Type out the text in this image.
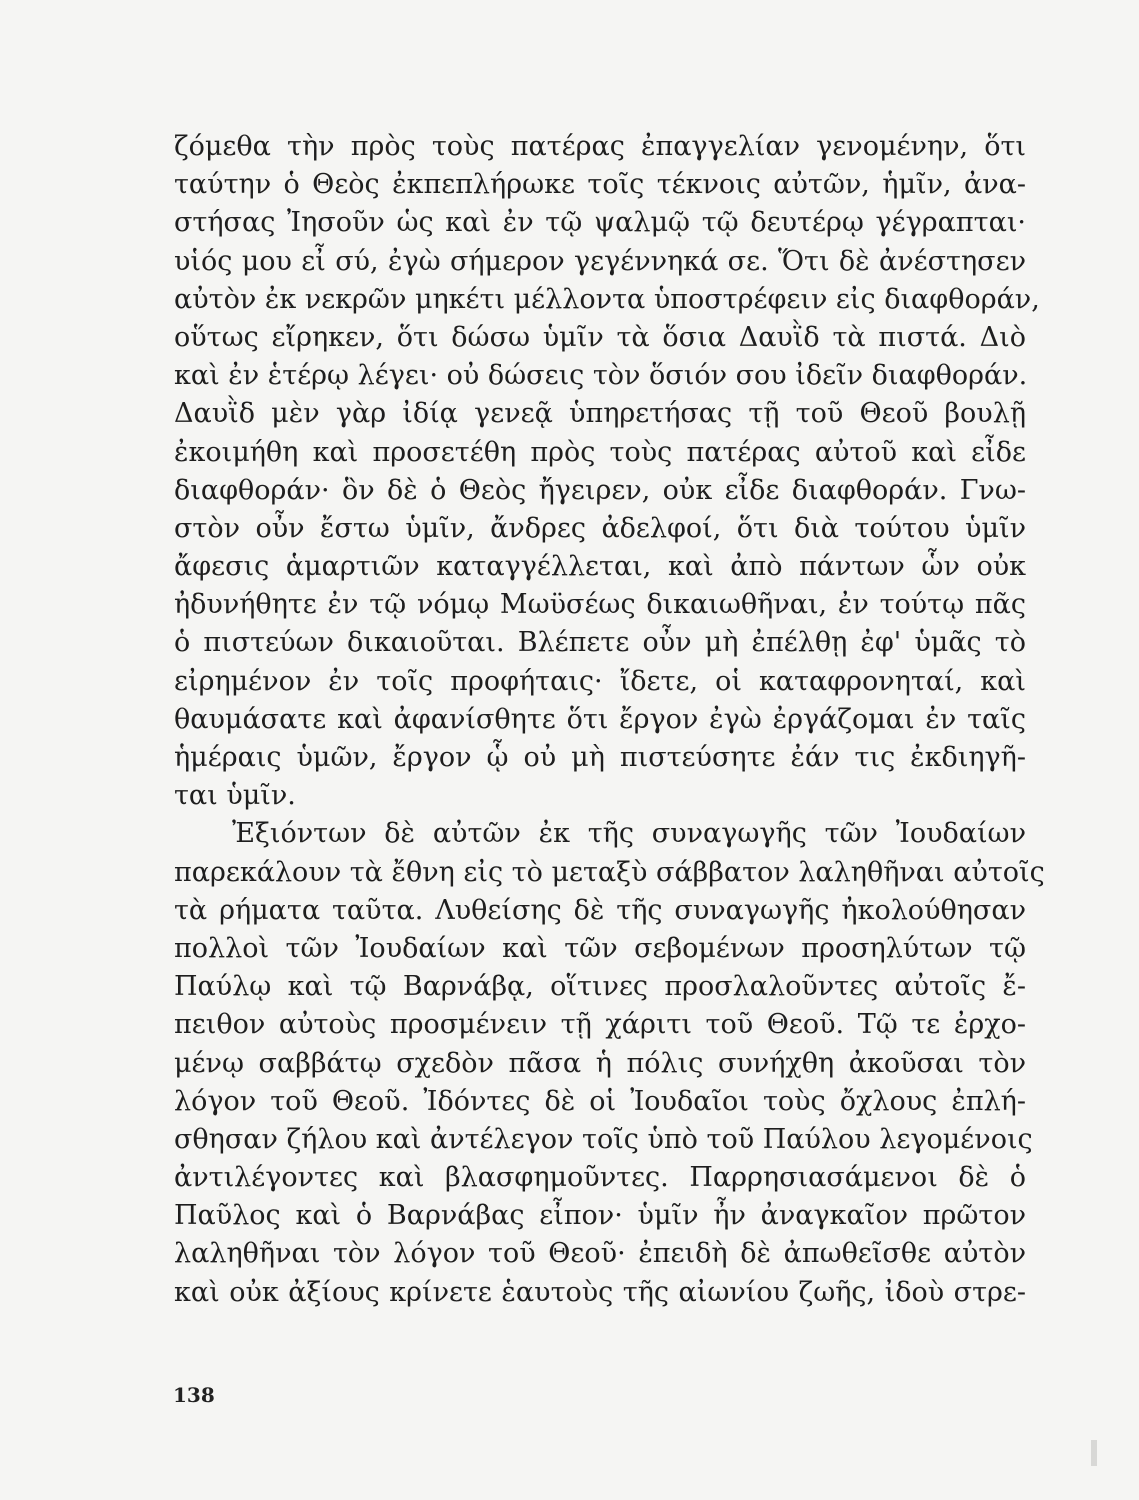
ζόμεθα τὴν πρὸς τοὺς πατέρας ἐπαγγελίαν γενομένην, ὅτι
ταύτην ὁ Θεὸς ἐκπεπλήρωκε τοῖς τέκνοις αὐτῶν, ἡμῖν, ἀνα-
στήσας Ἰησοῦν ὡς καὶ ἐν τῷ ψαλμῷ τῷ δευτέρῳ γέγραπται·
υἱός μου εἶ σύ, ἐγὼ σήμερον γεγέννηκά σε. Ὅτι δὲ ἀνέστησεν
αὐτὸν ἐκ νεκρῶν μηκέτι μέλλοντα ὑποστρέφειν εἰς διαφθοράν,
οὕτως εἴρηκεν, ὅτι δώσω ὑμῖν τὰ ὅσια Δαυῒδ τὰ πιστά. Διὸ
καὶ ἐν ἑτέρῳ λέγει· οὐ δώσεις τὸν ὅσιόν σου ἰδεῖν διαφθοράν.
Δαυῒδ μὲν γὰρ ἰδίᾳ γενεᾷ ὑπηρετήσας τῇ τοῦ Θεοῦ βουλῇ
ἐκοιμήθη καὶ προσετέθη πρὸς τοὺς πατέρας αὐτοῦ καὶ εἶδε
διαφθοράν· ὃν δὲ ὁ Θεὸς ἤγειρεν, οὐκ εἶδε διαφθοράν. Γνω-
στὸν οὖν ἔστω ὑμῖν, ἄνδρες ἀδελφοί, ὅτι διὰ τούτου ὑμῖν
ἄφεσις ἁμαρτιῶν καταγγέλλεται, καὶ ἀπὸ πάντων ὧν οὐκ
ἠδυνήθητε ἐν τῷ νόμῳ Μωϋσέως δικαιωθῆναι, ἐν τούτῳ πᾶς
ὁ πιστεύων δικαιοῦται. Βλέπετε οὖν μὴ ἐπέλθῃ ἐφ' ὑμᾶς τὸ
εἰρημένον ἐν τοῖς προφήταις· ἴδετε, οἱ καταφρονηταί, καὶ
θαυμάσατε καὶ ἀφανίσθητε ὅτι ἔργον ἐγὼ ἐργάζομαι ἐν ταῖς
ἡμέραις ὑμῶν, ἔργον ᾧ οὐ μὴ πιστεύσητε ἐάν τις ἐκδιηγῆ-
ται ὑμῖν.
Ἐξιόντων δὲ αὐτῶν ἐκ τῆς συναγωγῆς τῶν Ἰουδαίων
παρεκάλουν τὰ ἔθνη εἰς τὸ μεταξὺ σάββατον λαληθῆναι αὐτοῖς
τὰ ρήματα ταῦτα. Λυθείσης δὲ τῆς συναγωγῆς ἠκολούθησαν
πολλοὶ τῶν Ἰουδαίων καὶ τῶν σεβομένων προσηλύτων τῷ
Παύλῳ καὶ τῷ Βαρνάβᾳ, οἵτινες προσλαλοῦντες αὐτοῖς ἔ-
πειθον αὐτοὺς προσμένειν τῇ χάριτι τοῦ Θεοῦ. Τῷ τε ἐρχο-
μένῳ σαββάτῳ σχεδὸν πᾶσα ἡ πόλις συνήχθη ἀκοῦσαι τὸν
λόγον τοῦ Θεοῦ. Ἰδόντες δὲ οἱ Ἰουδαῖοι τοὺς ὄχλους ἐπλή-
σθησαν ζήλου καὶ ἀντέλεγον τοῖς ὑπὸ τοῦ Παύλου λεγομένοις
ἀντιλέγοντες καὶ βλασφημοῦντες. Παρρησιασάμενοι δὲ ὁ
Παῦλος καὶ ὁ Βαρνάβας εἶπον· ὑμῖν ἦν ἀναγκαῖον πρῶτον
λαληθῆναι τὸν λόγον τοῦ Θεοῦ· ἐπειδὴ δὲ ἀπωθεῖσθε αὐτὸν
καὶ οὐκ ἀξίους κρίνετε ἑαυτοὺς τῆς αἰωνίου ζωῆς, ἰδοὺ στρε-
138
